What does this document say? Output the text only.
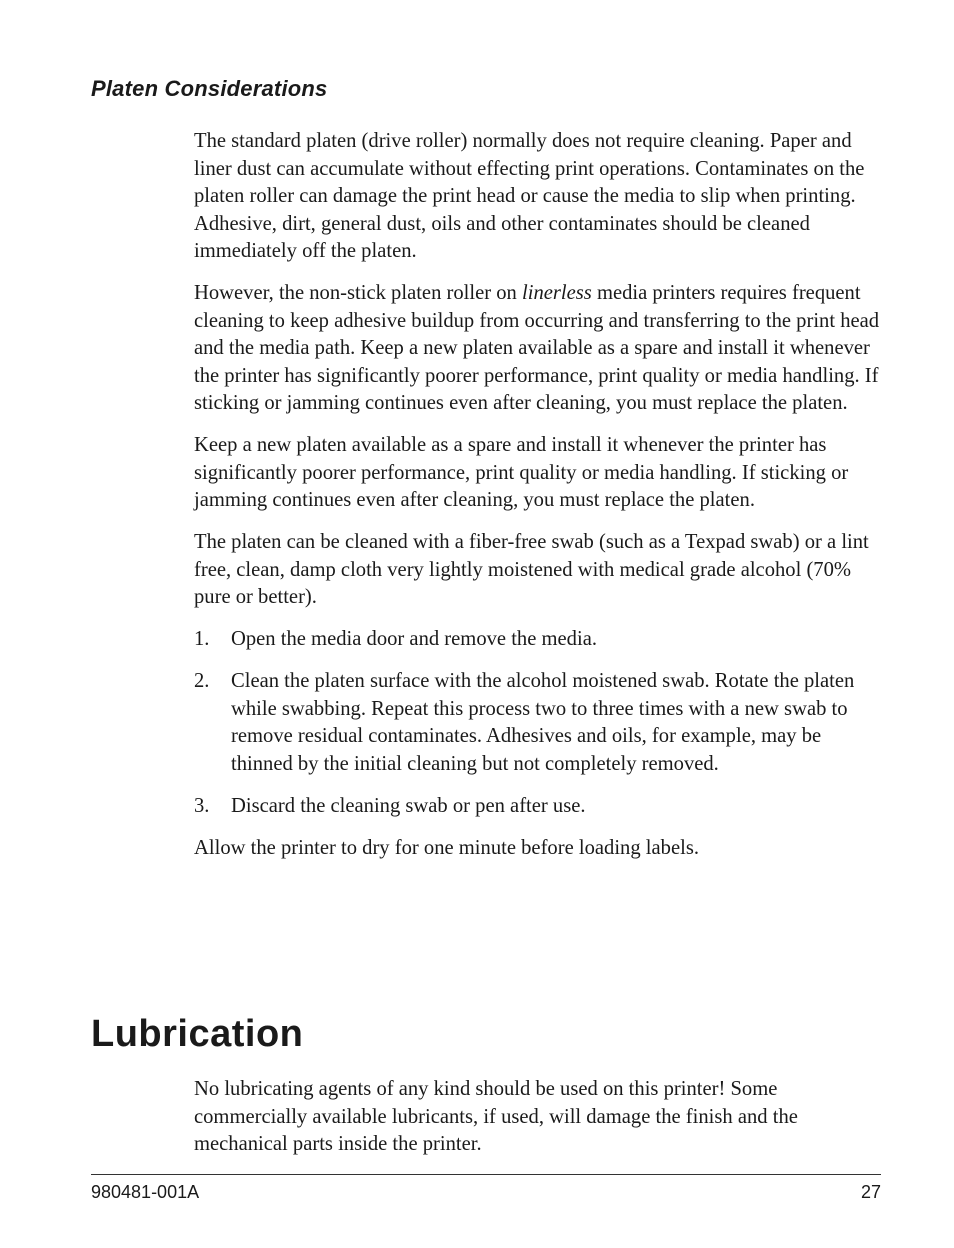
Platen Considerations

The standard platen (drive roller) normally does not require cleaning. Paper and liner dust can accumulate without effecting print operations. Contaminates on the platen roller can damage the print head or cause the media to slip when printing. Adhesive, dirt, general dust, oils and other contaminates should be cleaned immediately off the platen.

However, the non-stick platen roller on linerless media printers requires frequent cleaning to keep adhesive buildup from occurring and transferring to the print head and the media path. Keep a new platen available as a spare and install it whenever the printer has significantly poorer performance, print quality or media handling. If sticking or jamming continues even after cleaning, you must replace the platen.

Keep a new platen available as a spare and install it whenever the printer has significantly poorer performance, print quality or media handling. If sticking or jamming continues even after cleaning, you must replace the platen.

The platen can be cleaned with a fiber-free swab (such as a Texpad swab) or a lint free, clean, damp cloth very lightly moistened with medical grade alcohol (70% pure or better).

1.	Open the media door and remove the media.
2.	Clean the platen surface with the alcohol moistened swab. Rotate the platen while swabbing. Repeat this process two to three times with a new swab to remove residual contaminates. Adhesives and oils, for example, may be thinned by the initial cleaning but not completely removed.
3.	Discard the cleaning swab or pen after use.

Allow the printer to dry for one minute before loading labels.

Lubrication

No lubricating agents of any kind should be used on this printer! Some commercially available lubricants, if used, will damage the finish and the mechanical parts inside the printer.

980481-001A	27
